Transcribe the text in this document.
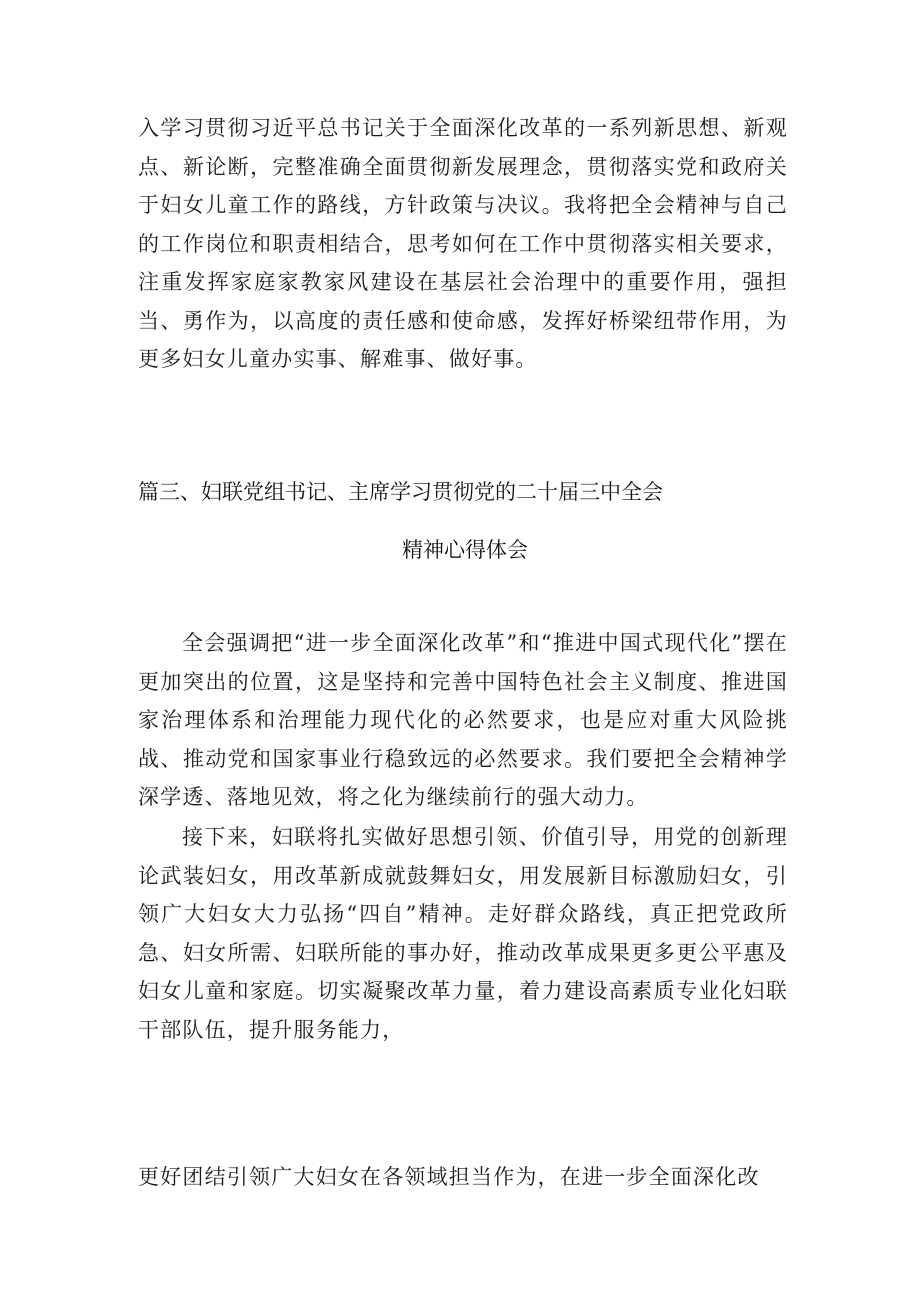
入学习贯彻习近平总书记关于全面深化改革的一系列新思想、新观点、新论断，完整准确全面贯彻新发展理念，贯彻落实党和政府关于妇女儿童工作的路线，方针政策与决议。我将把全会精神与自己的工作岗位和职责相结合，思考如何在工作中贯彻落实相关要求，注重发挥家庭家教家风建设在基层社会治理中的重要作用，强担当、勇作为，以高度的责任感和使命感，发挥好桥梁纽带作用，为更多妇女儿童办实事、解难事、做好事。

篇三、妇联党组书记、主席学习贯彻党的二十届三中全会
精神心得体会

全会强调把“进一步全面深化改革”和“推进中国式现代化”摆在更加突出的位置，这是坚持和完善中国特色社会主义制度、推进国家治理体系和治理能力现代化的必然要求，也是应对重大风险挑战、推动党和国家事业行稳致远的必然要求。我们要把全会精神学深学透、落地见效，将之化为继续前行的强大动力。

接下来，妇联将扎实做好思想引领、价值引导，用党的创新理论武装妇女，用改革新成就鼓舞妇女，用发展新目标激励妇女，引领广大妇女大力弘扬“四自”精神。走好群众路线，真正把党政所急、妇女所需、妇联所能的事办好，推动改革成果更多更公平惠及妇女儿童和家庭。切实凝聚改革力量，着力建设高素质专业化妇联干部队伍，提升服务能力，

更好团结引领广大妇女在各领域担当作为，在进一步全面深化改
